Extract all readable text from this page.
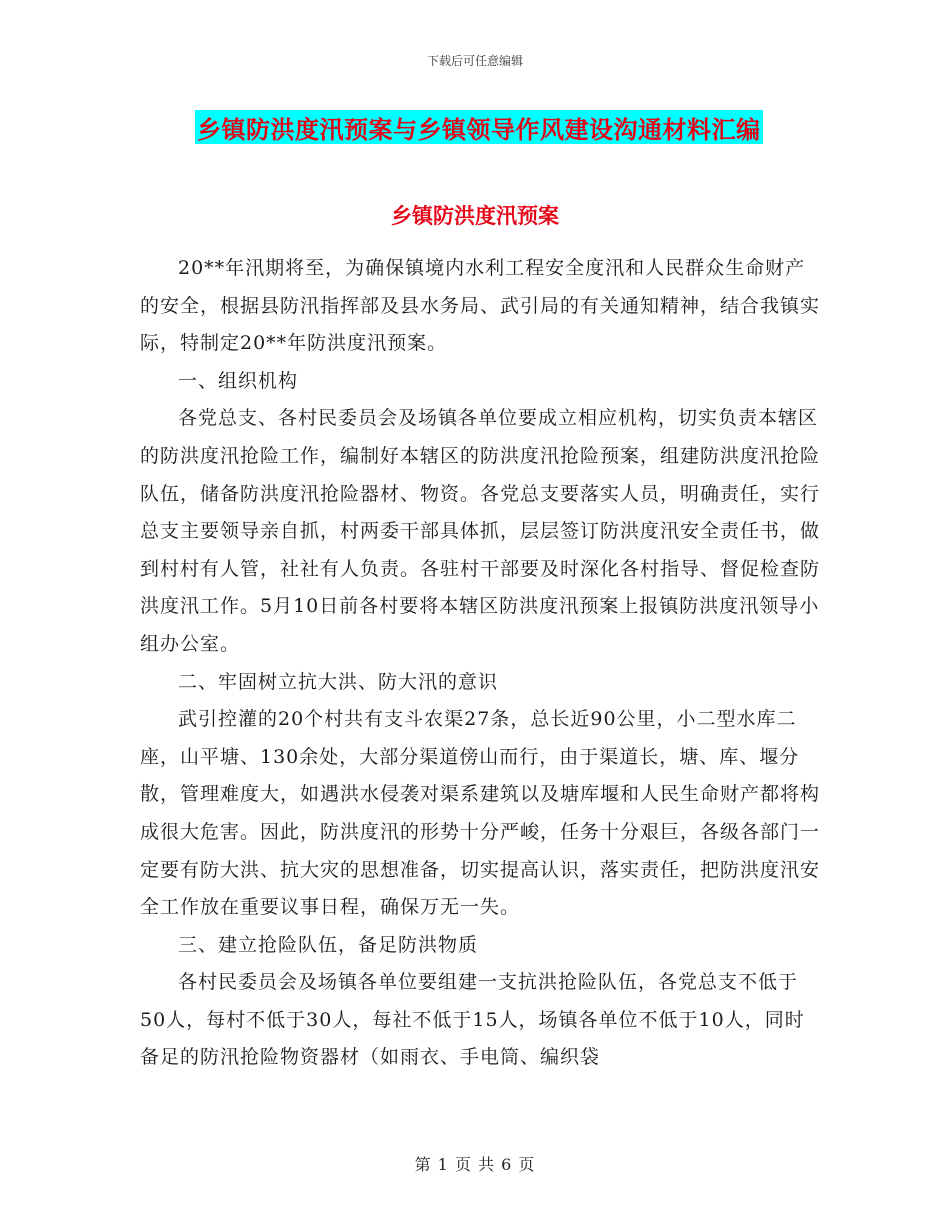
下载后可任意编辑
乡镇防洪度汛预案与乡镇领导作风建设沟通材料汇编
乡镇防洪度汛预案

20**年汛期将至，为确保镇境内水利工程安全度汛和人民群众生命财产的安全，根据县防汛指挥部及县水务局、武引局的有关通知精神，结合我镇实际，特制定20**年防洪度汛预案。

一、组织机构

各党总支、各村民委员会及场镇各单位要成立相应机构，切实负责本辖区的防洪度汛抢险工作，编制好本辖区的防洪度汛抢险预案，组建防洪度汛抢险队伍，储备防洪度汛抢险器材、物资。各党总支要落实人员，明确责任，实行总支主要领导亲自抓，村两委干部具体抓，层层签订防洪度汛安全责任书，做到村村有人管，社社有人负责。各驻村干部要及时深化各村指导、督促检查防洪度汛工作。5月10日前各村要将本辖区防洪度汛预案上报镇防洪度汛领导小组办公室。

二、牢固树立抗大洪、防大汛的意识

武引控灌的20个村共有支斗农渠27条，总长近90公里，小二型水库二座，山平塘、130余处，大部分渠道傍山而行，由于渠道长，塘、库、堰分散，管理难度大，如遇洪水侵袭对渠系建筑以及塘库堰和人民生命财产都将构成很大危害。因此，防洪度汛的形势十分严峻，任务十分艰巨，各级各部门一定要有防大洪、抗大灾的思想准备，切实提高认识，落实责任，把防洪度汛安全工作放在重要议事日程，确保万无一失。

三、建立抢险队伍，备足防洪物质

各村民委员会及场镇各单位要组建一支抗洪抢险队伍，各党总支不低于50人，每村不低于30人，每社不低于15人，场镇各单位不低于10人，同时备足的防汛抢险物资器材（如雨衣、手电筒、编织袋

第 1 页 共 6 页
